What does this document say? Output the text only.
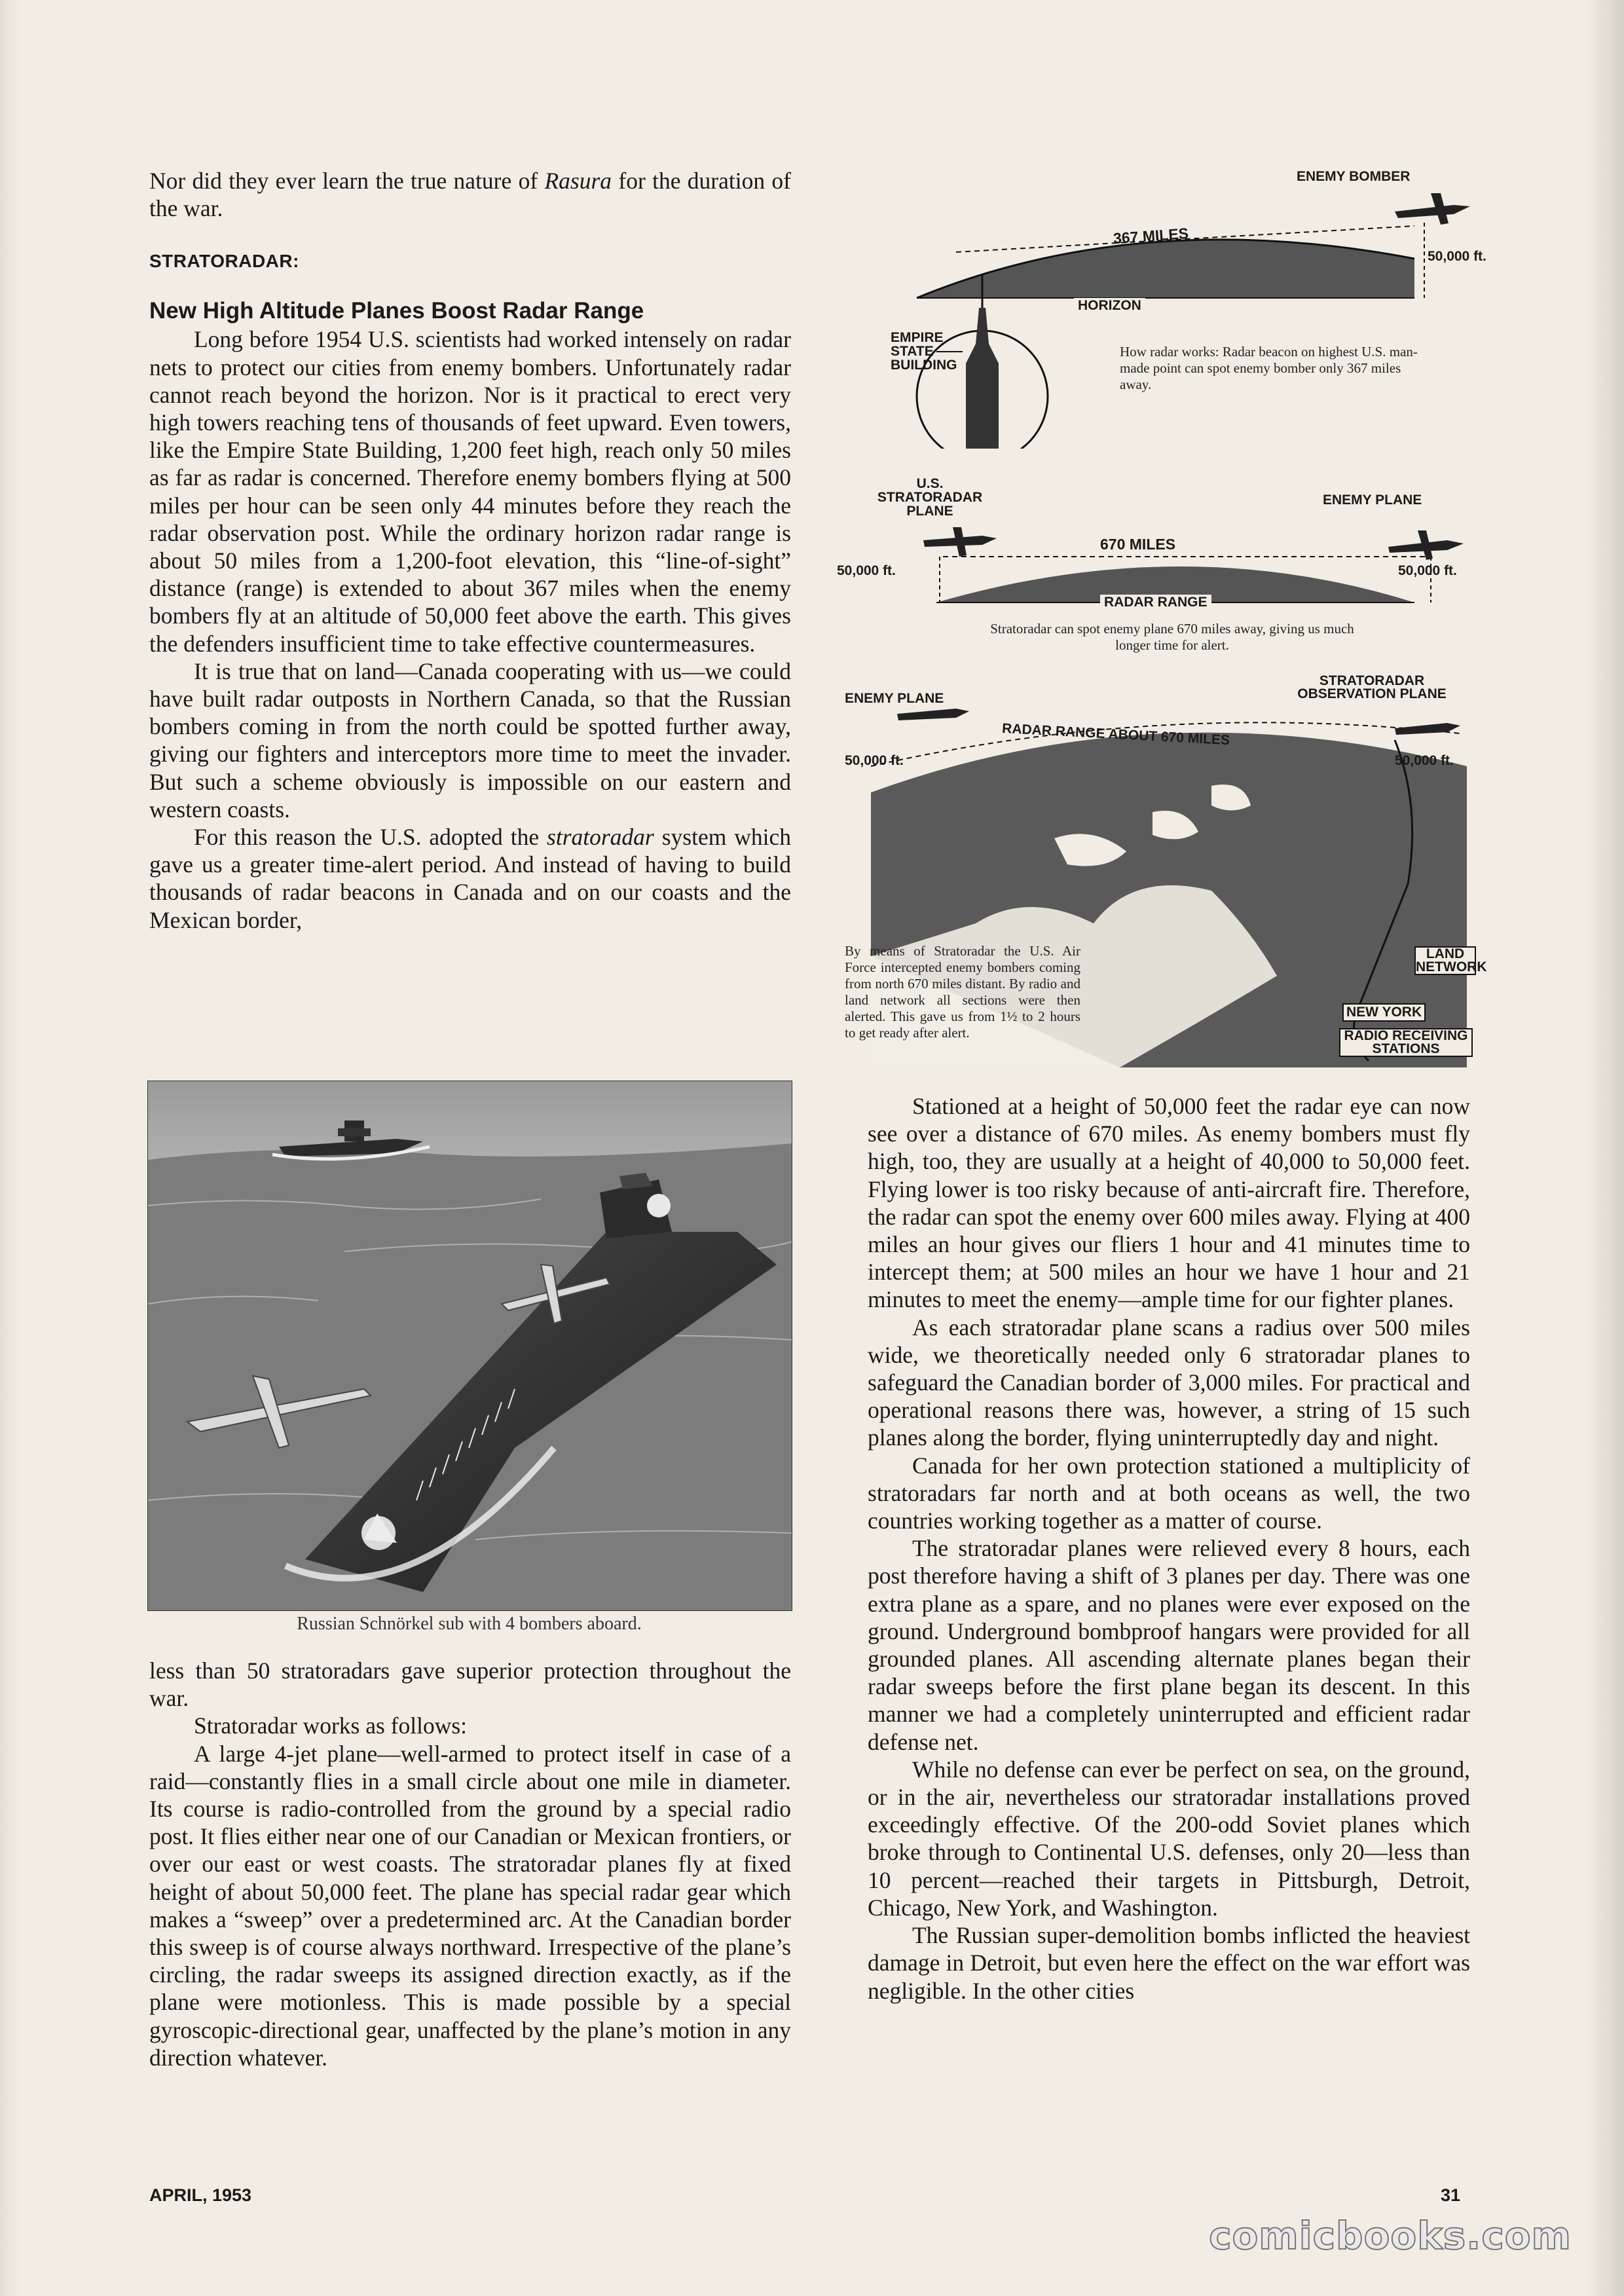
Nor did they ever learn the true nature of Rasura for the duration of the war.

STRATORADAR:
New High Altitude Planes Boost Radar Range

Long before 1954 U.S. scientists had worked intensely on radar nets to protect our cities from enemy bombers. Unfortunately radar cannot reach beyond the horizon. Nor is it practical to erect very high towers reaching tens of thousands of feet upward. Even towers, like the Empire State Building, 1,200 feet high, reach only 50 miles as far as radar is concerned. Therefore enemy bombers flying at 500 miles per hour can be seen only 44 minutes before they reach the radar observation post. While the ordinary horizon radar range is about 50 miles from a 1,200-foot elevation, this “line-of-sight” distance (range) is extended to about 367 miles when the enemy bombers fly at an altitude of 50,000 feet above the earth. This gives the defenders insufficient time to take effective countermeasures.

It is true that on land—Canada cooperating with us—we could have built radar outposts in Northern Canada, so that the Russian bombers coming in from the north could be spotted further away, giving our fighters and interceptors more time to meet the invader. But such a scheme obviously is impossible on our eastern and western coasts.

For this reason the U.S. adopted the stratoradar system which gave us a greater time-alert period. And instead of having to build thousands of radar beacons in Canada and on our coasts and the Mexican border,

Russian Schnörkel sub with 4 bombers aboard.

less than 50 stratoradars gave superior protection throughout the war.

Stratoradar works as follows:

A large 4-jet plane—well-armed to protect itself in case of a raid—constantly flies in a small circle about one mile in diameter. Its course is radio-controlled from the ground by a special radio post. It flies either near one of our Canadian or Mexican frontiers, or over our east or west coasts. The stratoradar planes fly at fixed height of about 50,000 feet. The plane has special radar gear which makes a “sweep” over a predetermined arc. At the Canadian border this sweep is of course always northward. Irrespective of the plane’s circling, the radar sweeps its assigned direction exactly, as if the plane were motionless. This is made possible by a special gyroscopic-directional gear, unaffected by the plane’s motion in any direction whatever.

ENEMY BOMBER
367 MILES
50,000 ft.
HORIZON
EMPIRE STATE BUILDING
How radar works: Radar beacon on highest U.S. man-made point can spot enemy bomber only 367 miles away.
U.S. STRATORADAR PLANE
ENEMY PLANE
670 MILES
50,000 ft.	50,000 ft.
RADAR RANGE
Stratoradar can spot enemy plane 670 miles away, giving us much longer time for alert.
ENEMY PLANE
STRATORADAR OBSERVATION PLANE
RADAR RANGE ABOUT 670 MILES
50,000 ft.	50,000 ft.
LAND NETWORK
NEW YORK
RADIO RECEIVING STATIONS
By means of Stratoradar the U.S. Air Force intercepted enemy bombers coming from north 670 miles distant. By radio and land network all sections were then alerted. This gave us from 1½ to 2 hours to get ready after alert.

Stationed at a height of 50,000 feet the radar eye can now see over a distance of 670 miles. As enemy bombers must fly high, too, they are usually at a height of 40,000 to 50,000 feet. Flying lower is too risky because of anti-aircraft fire. Therefore, the radar can spot the enemy over 600 miles away. Flying at 400 miles an hour gives our fliers 1 hour and 41 minutes time to intercept them; at 500 miles an hour we have 1 hour and 21 minutes to meet the enemy—ample time for our fighter planes.

As each stratoradar plane scans a radius over 500 miles wide, we theoretically needed only 6 stratoradar planes to safeguard the Canadian border of 3,000 miles. For practical and operational reasons there was, however, a string of 15 such planes along the border, flying uninterruptedly day and night.

Canada for her own protection stationed a multiplicity of stratoradars far north and at both oceans as well, the two countries working together as a matter of course.

The stratoradar planes were relieved every 8 hours, each post therefore having a shift of 3 planes per day. There was one extra plane as a spare, and no planes were ever exposed on the ground. Underground bombproof hangars were provided for all grounded planes. All ascending alternate planes began their radar sweeps before the first plane began its descent. In this manner we had a completely uninterrupted and efficient radar defense net.

While no defense can ever be perfect on sea, on the ground, or in the air, nevertheless our stratoradar installations proved exceedingly effective. Of the 200-odd Soviet planes which broke through to Continental U.S. defenses, only 20—less than 10 percent—reached their targets in Pittsburgh, Detroit, Chicago, New York, and Washington.

The Russian super-demolition bombs inflicted the heaviest damage in Detroit, but even here the effect on the war effort was negligible. In the other cities

APRIL, 1953	31
comicbooks.com
